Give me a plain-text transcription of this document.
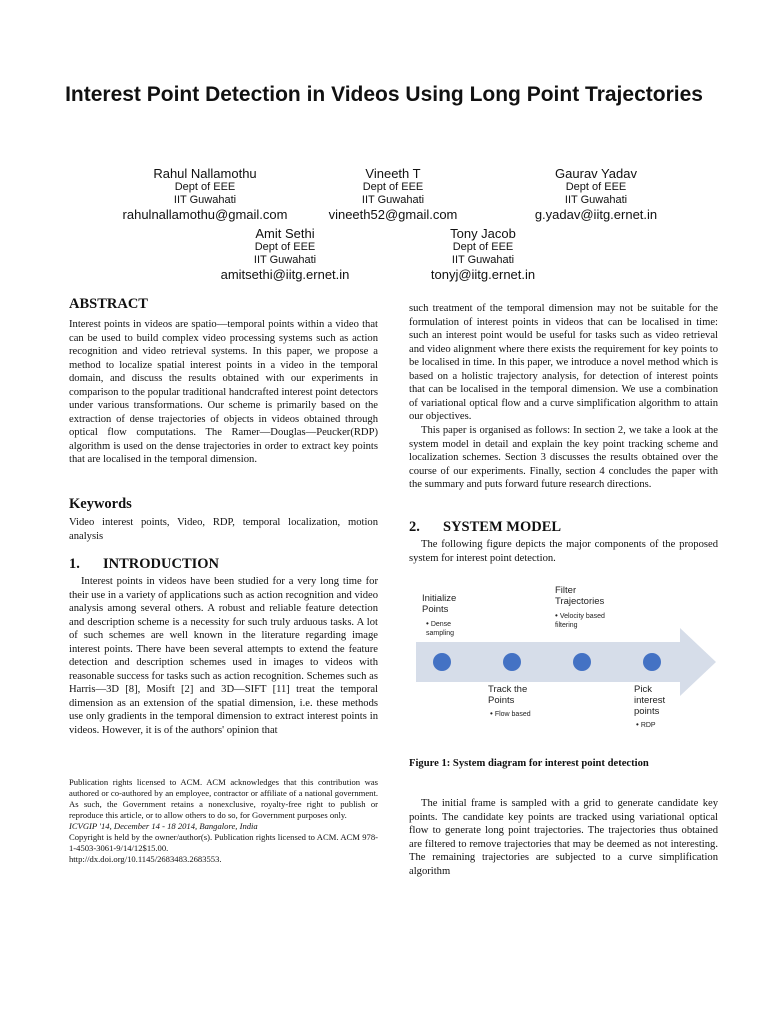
Interest Point Detection in Videos Using Long Point Trajectories
Rahul Nallamothu
Dept of EEE
IIT Guwahati
rahulnallamothu@gmail.com
Vineeth T
Dept of EEE
IIT Guwahati
vineeth52@gmail.com
Gaurav Yadav
Dept of EEE
IIT Guwahati
g.yadav@iitg.ernet.in
Amit Sethi
Dept of EEE
IIT Guwahati
amitsethi@iitg.ernet.in
Tony Jacob
Dept of EEE
IIT Guwahati
tonyj@iitg.ernet.in
ABSTRACT

Interest points in videos are spatio—temporal points within a video that can be used to build complex video processing systems such as action recognition and video retrieval systems. In this paper, we propose a method to localize spatial interest points in a video in the temporal domain, and discuss the results obtained with our experiments in comparison to the popular traditional handcrafted interest point detectors under various transformations. Our scheme is primarily based on the extraction of dense trajectories of objects in videos obtained through optical flow computations. The Ramer—Douglas—Peucker(RDP) algorithm is used on the dense trajectories in order to extract key points that are localised in the temporal dimension.

Keywords

Video interest points, Video, RDP, temporal localization, motion analysis

1. INTRODUCTION

Interest points in videos have been studied for a very long time for their use in a variety of applications such as action recognition and video analysis among several others. A robust and reliable feature detection and description scheme is a necessity for such truly arduous tasks. A lot of such schemes are well known in the literature regarding image interest points. There have been several attempts to extend the feature detection and description schemes used in images to videos with reasonable success for tasks such as action recognition. Schemes such as Harris—3D [8], Mosift [2] and 3D—SIFT [11] treat the temporal dimension as an extension of the spatial dimension, i.e. these methods use only gradients in the temporal dimension to extract interest points in videos. However, it is of the authors' opinion that

Publication rights licensed to ACM. ACM acknowledges that this contribution was authored or co-authored by an employee, contractor or affiliate of a national government. As such, the Government retains a nonexclusive, royalty-free right to publish or reproduce this article, or to allow others to do so, for Government purposes only.

ICVGIP '14, December 14 - 18 2014, Bangalore, India

Copyright is held by the owner/author(s). Publication rights licensed to ACM. ACM 978-1-4503-3061-9/14/12$15.00.

http://dx.doi.org/10.1145/2683483.2683553.

such treatment of the temporal dimension may not be suitable for the formulation of interest points in videos that can be localised in time: such an interest point would be useful for tasks such as video retrieval and video alignment where there exists the requirement for key points to be localised in time. In this paper, we introduce a novel method which is based on a holistic trajectory analysis, for detection of interest points that can be localised in the temporal dimension. We use a combination of variational optical flow and a curve simplification algorithm to attain our objectives.

This paper is organised as follows: In section 2, we take a look at the system model in detail and explain the key point tracking scheme and localization schemes. Section 3 discusses the results obtained over the course of our experiments. Finally, section 4 concludes the paper with the summary and puts forward future research directions.

2. SYSTEM MODEL

The following figure depicts the major components of the proposed system for interest point detection.

Initialize Points
• Dense sampling
Filter Trajectories
• Velocity based filtering
Track the Points
• Flow based
Pick interest points
• RDP

Figure 1: System diagram for interest point detection

The initial frame is sampled with a grid to generate candidate key points. The candidate key points are tracked using variational optical flow to generate long point trajectories. The trajectories thus obtained are filtered to remove trajectories that may be deemed as not interesting. The remaining trajectories are subjected to a curve simplification algorithm
